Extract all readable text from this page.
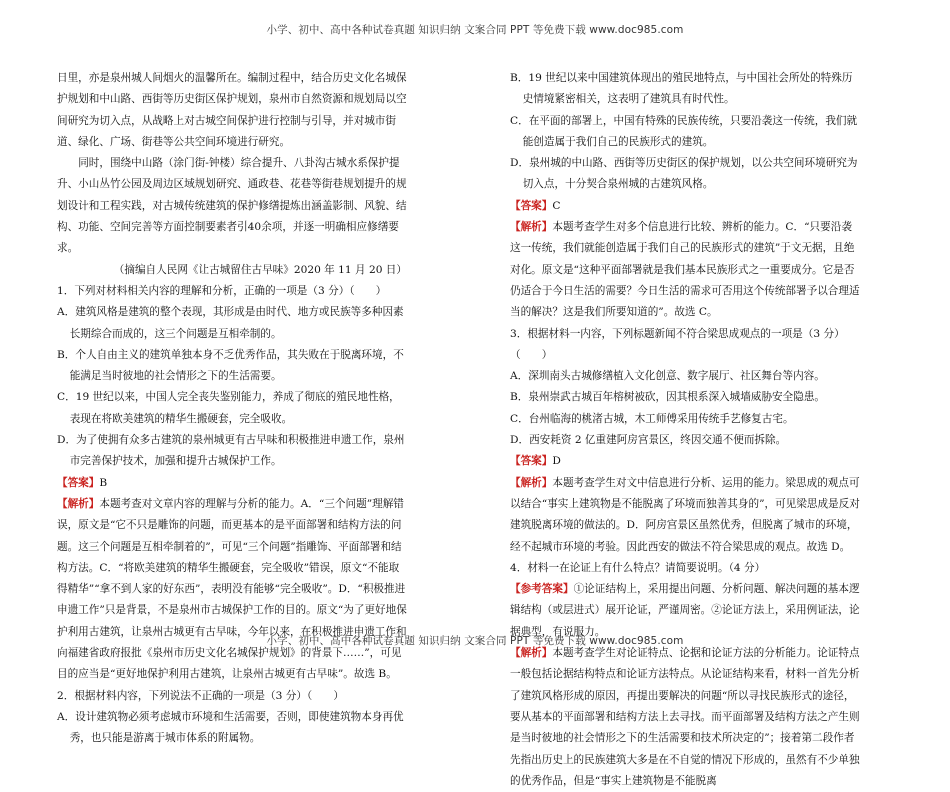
小学、初中、高中各种试卷真题 知识归纳 文案合同 PPT 等免费下载 www.doc985.com

日里，亦是泉州城人间烟火的温馨所在。编制过程中，结合历史文化名城保护规划和中山路、西街等历史街区保护规划，泉州市自然资源和规划局以空间研究为切入点，从战略上对古城空间保护进行控制与引导，并对城市街道、绿化、广场、街巷等公共空间环境进行研究。

同时，围绕中山路（涂门街-钟楼）综合提升、八卦沟古城水系保护提升、小山丛竹公园及周边区域规划研究、通政巷、花巷等街巷规划提升的规划设计和工程实践，对古城传统建筑的保护修缮提炼出涵盖影制、风貌、结构、功能、空间完善等方面控制要素者引40余项，并逐一明确相应修缮要求。

（摘编自人民网《让古城留住古早味》2020 年 11 月 20 日）

1．下列对材料相关内容的理解和分析，正确的一项是（3 分）（　　）

A．建筑风格是建筑的整个表现，其形成是由时代、地方或民族等多种因素长期综合而成的，这三个问题是互相牵制的。

B．个人自由主义的建筑单独本身不乏优秀作品，其失败在于脱离环境，不能满足当时彼地的社会情形之下的生活需要。

C．19 世纪以来，中国人完全丧失鉴别能力，养成了彻底的殖民地性格，表现在将欧美建筑的精华生搬硬套，完全吸收。

D．为了使拥有众多古建筑的泉州城更有古早味和积极推进申遗工作，泉州市完善保护技术，加强和提升古城保护工作。

【答案】B

【解析】本题考查对文章内容的理解与分析的能力。A．“三个问题”理解错误，原文是“它不只是雕饰的问题，而更基本的是平面部署和结构方法的问题。这三个问题是互相牵制着的”，可见“三个问题”指雕饰、平面部署和结构方法。C．“将欧美建筑的精华生搬硬套，完全吸收”错误，原文“不能取得精华”“拿不到人家的好东西”，表明没有能够“完全吸收”。D．“积极推进申遗工作”只是背景，不是泉州市古城保护工作的目的。原文“为了更好地保护利用古建筑，让泉州古城更有古早味，今年以来，在积极推进申遗工作和向福建省政府报批《泉州市历史文化名城保护规划》的背景下……”，可见目的应当是“更好地保护利用古建筑，让泉州古城更有古早味”。故选 B。

2．根据材料内容，下列说法不正确的一项是（3 分）（　　）

A．设计建筑物必须考虑城市环境和生活需要，否则，即使建筑物本身再优秀，也只能是游离于城市体系的附属物。

B．19 世纪以来中国建筑体现出的殖民地特点，与中国社会所处的特殊历史情境紧密相关，这表明了建筑具有时代性。

C．在平面的部署上，中国有特殊的民族传统，只要沿袭这一传统，我们就能创造属于我们自己的民族形式的建筑。

D．泉州城的中山路、西街等历史街区的保护规划，以公共空间环境研究为切入点，十分契合泉州城的古建筑风格。

【答案】C

【解析】本题考查学生对多个信息进行比较、辨析的能力。C．“只要沿袭这一传统，我们就能创造属于我们自己的民族形式的建筑”于文无据，且绝对化。原文是“这种平面部署就是我们基本民族形式之一重要成分。它是否仍适合于今日生活的需要？今日生活的需求可否用这个传统部署予以合理适当的解决？这是我们所要知道的”。故选 C。

3．根据材料一内容，下列标题新闻不符合梁思成观点的一项是（3 分）（　　）

A．深圳南头古城修缮植入文化创意、数字展厅、社区舞台等内容。

B．泉州崇武古城百年榕树被砍，因其根系深入城墙威胁安全隐患。

C．台州临海的桃渚古城，木工师傅采用传统手艺修复古宅。

D．西安耗资 2 亿重建阿房宫景区，终因交通不便而拆除。

【答案】D

【解析】本题考查学生对文中信息进行分析、运用的能力。梁思成的观点可以结合“事实上建筑物是不能脱离了环境而独善其身的”，可见梁思成是反对建筑脱离环境的做法的。D．阿房宫景区虽然优秀，但脱离了城市的环境，经不起城市环境的考验。因此西安的做法不符合梁思成的观点。故选 D。

4．材料一在论证上有什么特点？请简要说明。（4 分）

【参考答案】①论证结构上，采用提出问题、分析问题、解决问题的基本逻辑结构（或层进式）展开论证，严谨周密。②论证方法上，采用例证法，论据典型，有说服力。

【解析】本题考查学生对论证特点、论据和论证方法的分析能力。论证特点一般包括论据结构特点和论证方法特点。从论证结构来看，材料一首先分析了建筑风格形成的原因，再提出要解决的问题“所以寻找民族形式的途径，要从基本的平面部署和结构方法上去寻找。而平面部署及结构方法之产生则是当时彼地的社会情形之下的生活需要和技术所决定的”；接着第二段作者先指出历史上的民族建筑大多是在不自觉的情况下形成的，虽然有不少单独的优秀作品，但是“事实上建筑物是不能脱离

小学、初中、高中各种试卷真题 知识归纳 文案合同 PPT 等免费下载 www.doc985.com
